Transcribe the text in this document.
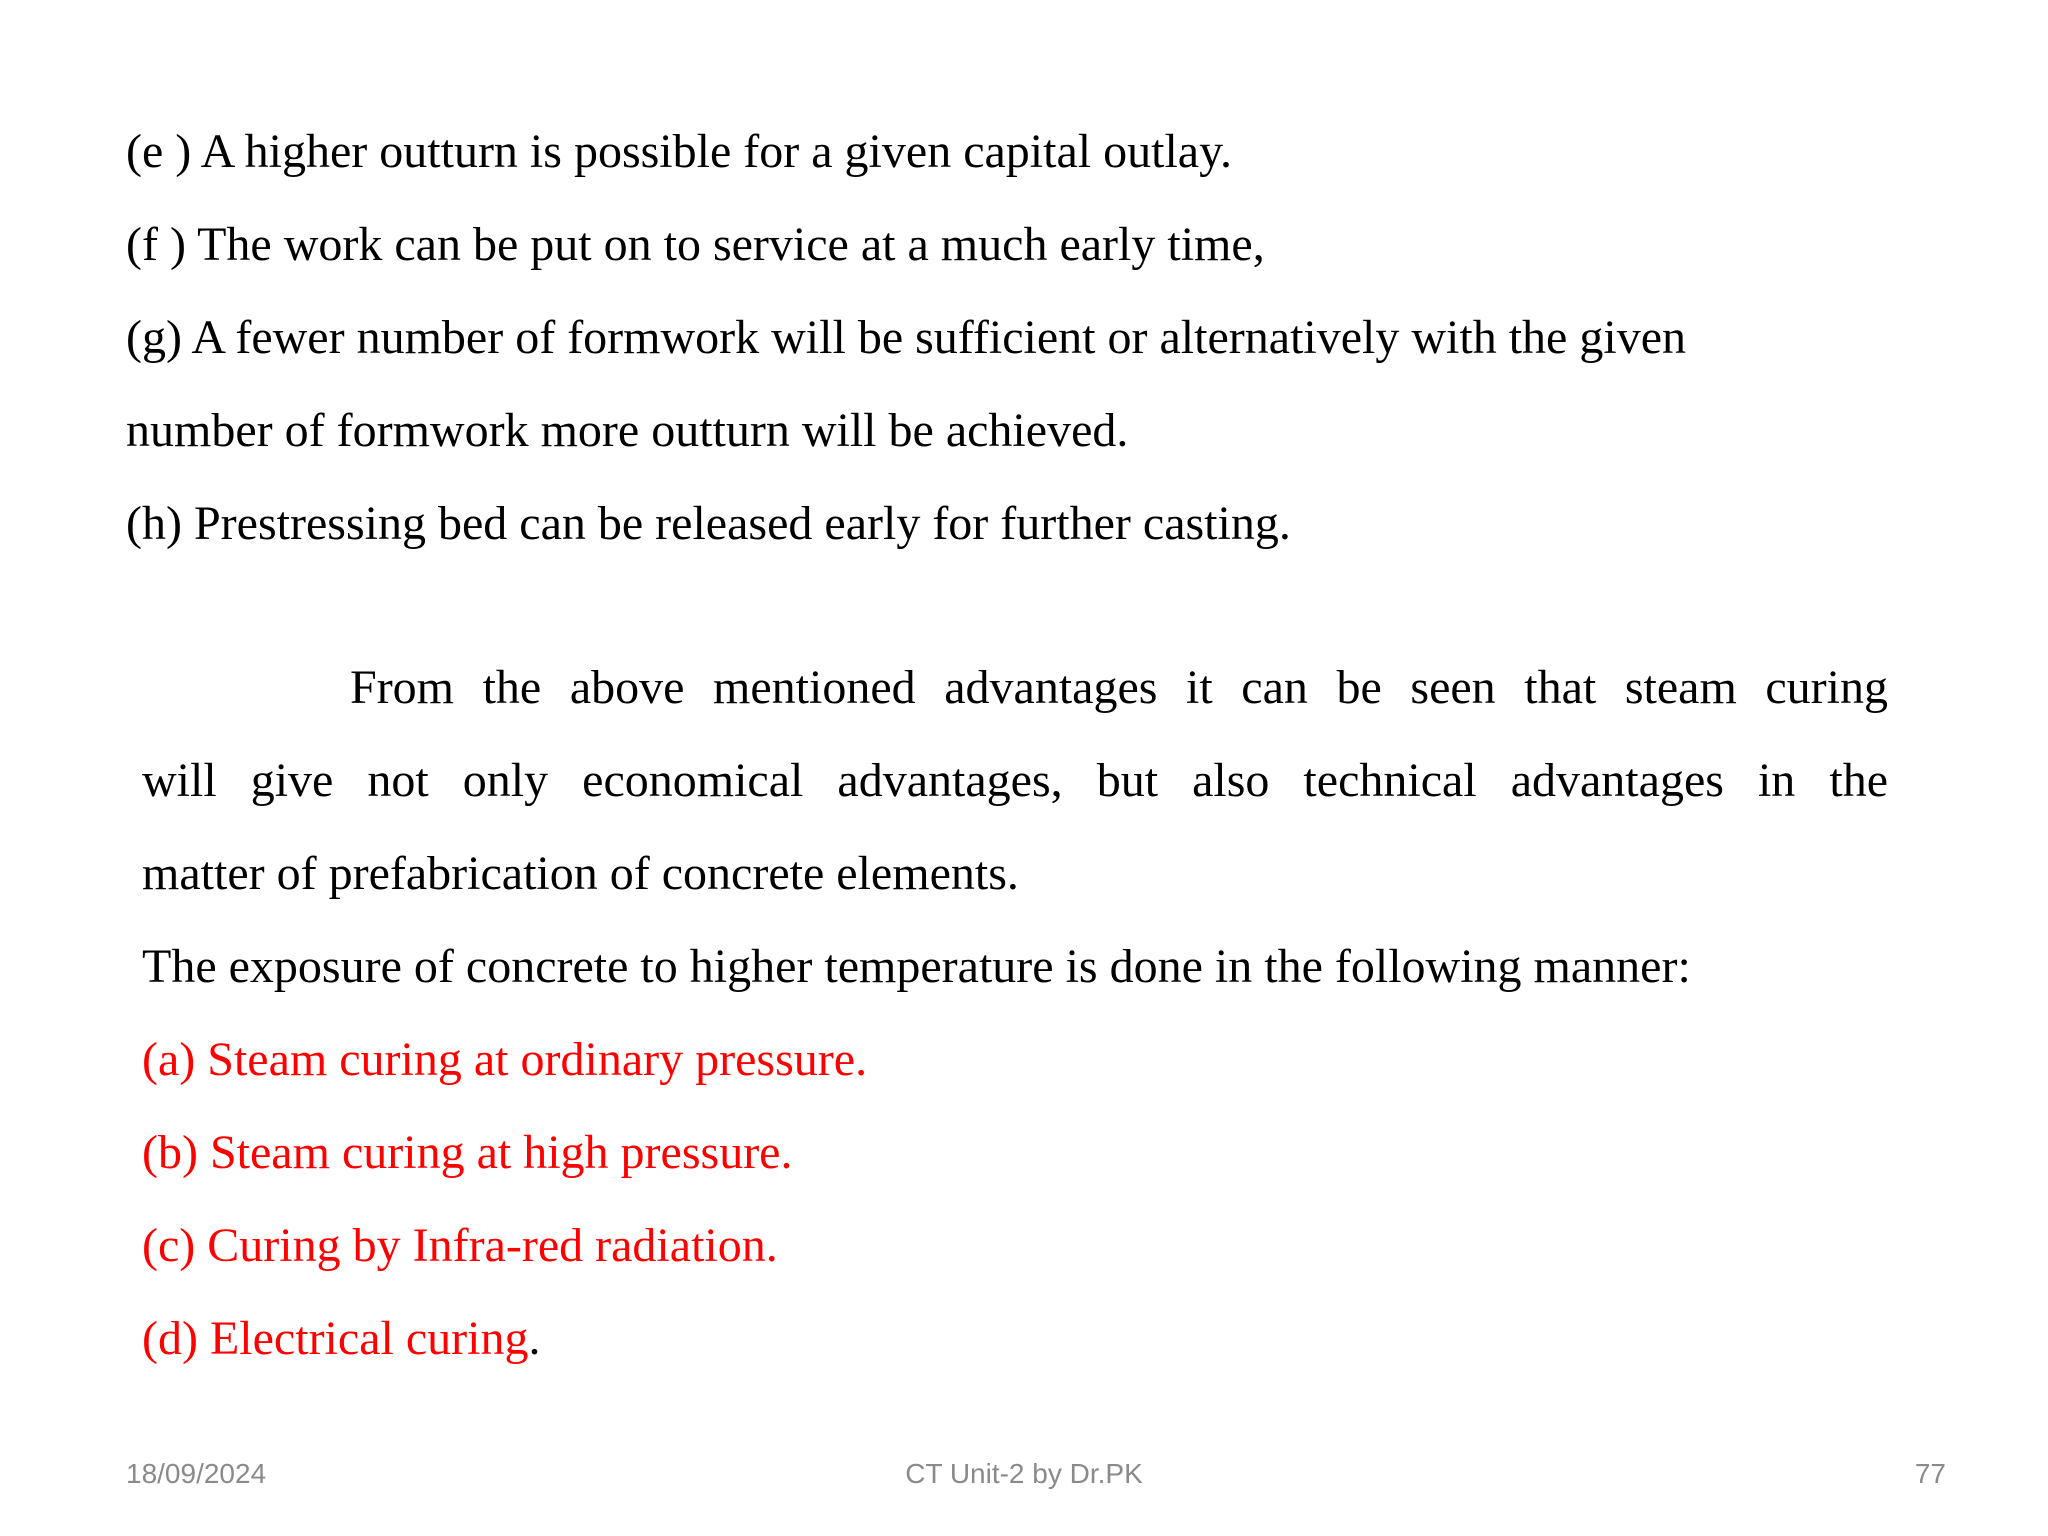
(e ) A higher outturn is possible for a given capital outlay.

(f ) The work can be put on to service at a much early time,

(g) A fewer number of formwork will be sufficient or alternatively with the given

number of formwork more outturn will be achieved.

(h) Prestressing bed can be released early for further casting.

From the above mentioned advantages it can be seen that steam curing

will give not only economical advantages, but also technical advantages in the

matter of prefabrication of concrete elements.

The exposure of concrete to higher temperature is done in the following manner:

(a) Steam curing at ordinary pressure.

(b) Steam curing at high pressure.

(c) Curing by Infra-red radiation.

(d) Electrical curing.

18/09/2024	CT Unit-2 by Dr.PK	77
